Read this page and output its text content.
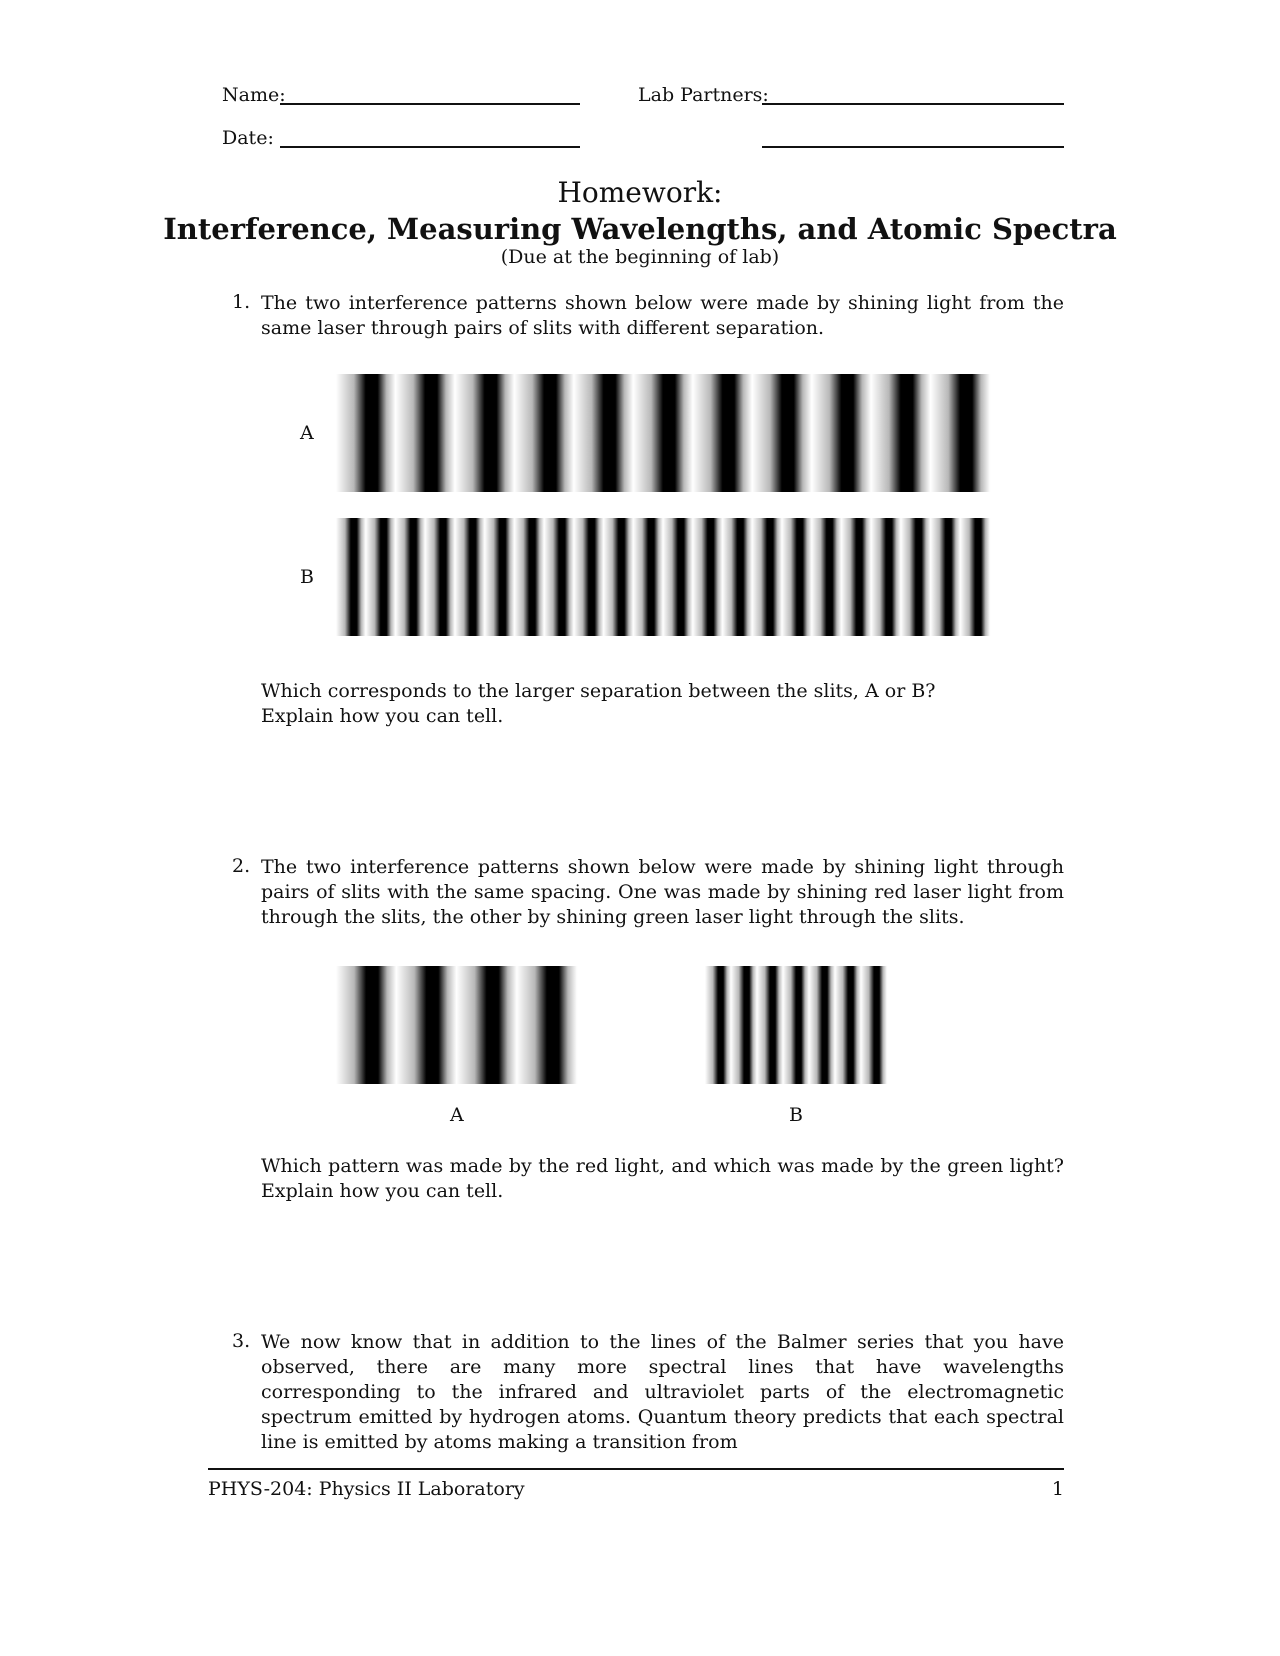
Name:	Lab Partners:
Date:
Homework:
Interference, Measuring Wavelengths, and Atomic Spectra
(Due at the beginning of lab)
1. The two interference patterns shown below were made by shining light from the same laser through pairs of slits with different separation.
A
B
Which corresponds to the larger separation between the slits, A or B?
Explain how you can tell.
2. The two interference patterns shown below were made by shining light through pairs of slits with the same spacing. One was made by shining red laser light from through the slits, the other by shining green laser light through the slits.
A	B
Which pattern was made by the red light, and which was made by the green light? Explain how you can tell.
3. We now know that in addition to the lines of the Balmer series that you have observed, there are many more spectral lines that have wavelengths corresponding to the infrared and ultraviolet parts of the electromagnetic spectrum emitted by hydrogen atoms. Quantum theory predicts that each spectral line is emitted by atoms making a transition from
PHYS-204: Physics II Laboratory	1
